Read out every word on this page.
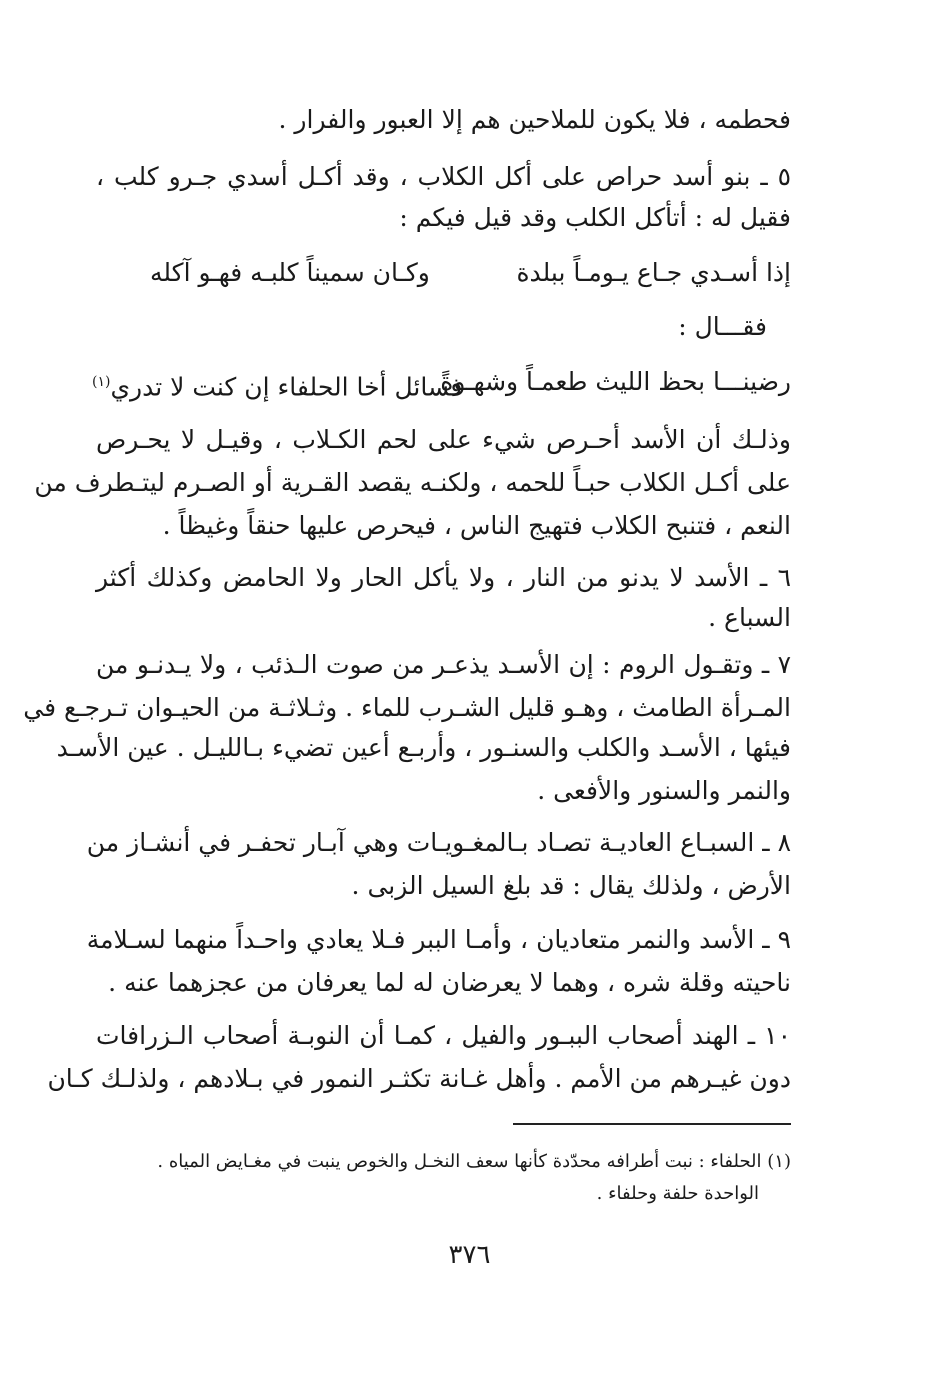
فحطمه ، فلا يكون للملاحين هم إلا العبور والفرار .
٥ ـ بنو أسد حراص على أكل الكلاب ، وقد أكـل أسدي جـرو كلب ،
فقيل له : أتأكل الكلب وقد قيل فيكم :
إذا أسـدي جـاع يـومـاً ببلدة
وكـان سميناً كلبـه فهـو آكله
فقـــال :
رضينـــا بحظ الليث طعمـاً وشهـوةً
فسائل أخا الحلفاء إن كنت لا تدري$^{(١)}$
وذلـك أن الأسد أحـرص شيء على لحم الكـلاب ، وقيـل لا يحـرص
على أكـل الكلاب حبـاً للحمه ، ولكنـه يقصد القـرية أو الصـرم ليتـطرف من
النعم ، فتنبح الكلاب فتهيج الناس ، فيحرص عليها حنقاً وغيظاً .
٦ ـ الأسد لا يدنو من النار ، ولا يأكل الحار ولا الحامض وكذلك أكثر
السباع .
٧ ـ وتقـول الروم : إن الأسـد يذعـر من صوت الـذئب ، ولا يـدنـو من
المـرأة الطامث ، وهـو قليل الشـرب للماء . وثـلاثـة من الحيـوان تـرجـع في
فيئها ، الأسـد والكلب والسنـور ، وأربـع أعين تضيء بـالليـل . عين الأسـد
والنمر والسنور والأفعى .
٨ ـ السبـاع العاديـة تصـاد بـالمغـويـات وهي آبـار تحفـر في أنشـاز من
الأرض ، ولذلك يقال : قد بلغ السيل الزبى .
٩ ـ الأسد والنمر متعاديان ، وأمـا الببر فـلا يعادي واحـداً منهما لسـلامة
ناحيته وقلة شره ، وهما لا يعرضان له لما يعرفان من عجزهما عنه .
١٠ ـ الهند أصحاب الببـور والفيل ، كمـا أن النوبـة أصحاب الـزرافات
دون غيـرهم من الأمم . وأهل غـانة تكثـر النمور في بـلادهم ، ولذلـك كـان
(١) الحلفاء : نبت أطرافه محدّدة كأنها سعف النخـل والخوص ينبت في مغـايض المياه .
الواحدة حلفة وحلفاء .
٣٧٦
